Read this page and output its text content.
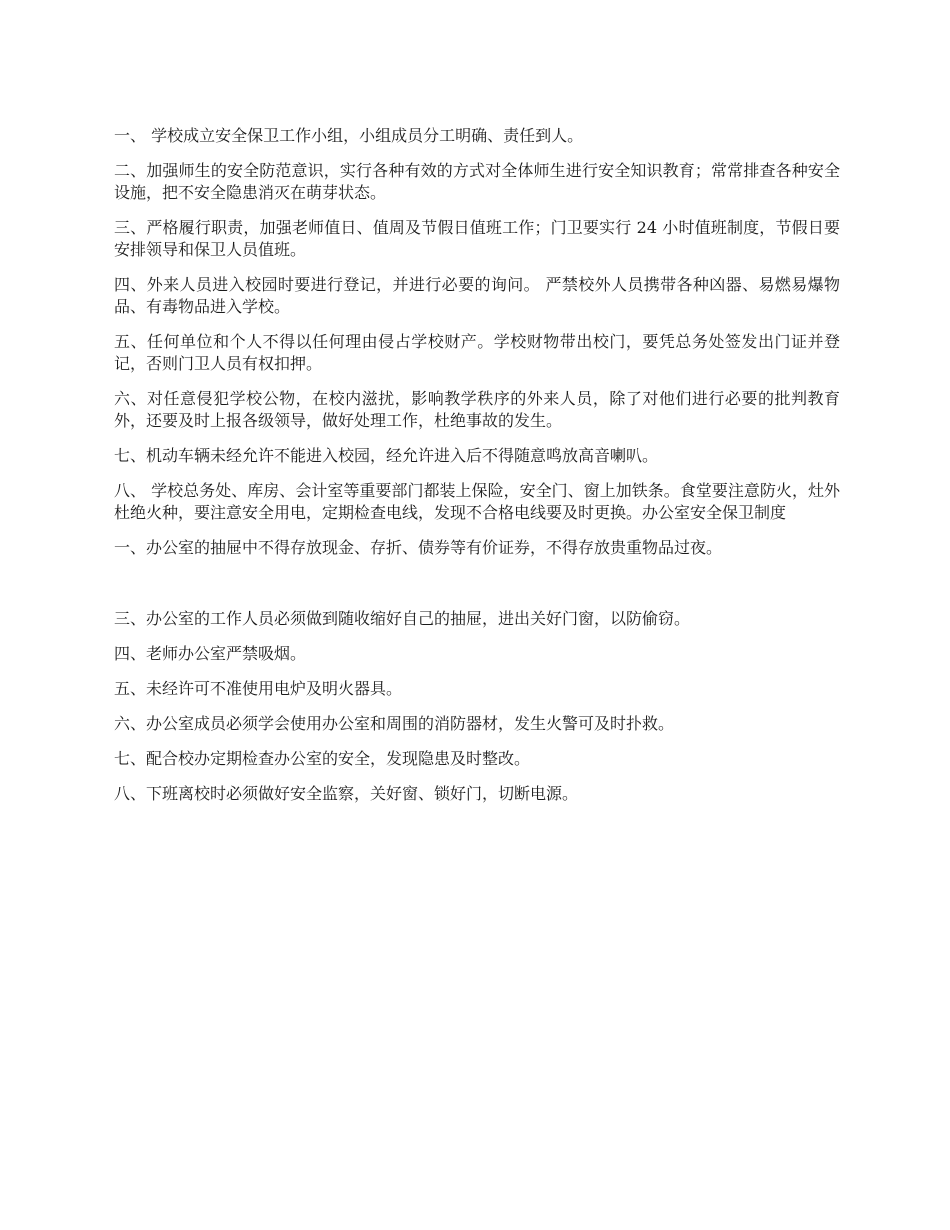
一、 学校成立安全保卫工作小组，小组成员分工明确、责任到人。

二、加强师生的安全防范意识，实行各种有效的方式对全体师生进行安全知识教育；常常排查各种安全设施，把不安全隐患消灭在萌芽状态。

三、严格履行职责，加强老师值日、值周及节假日值班工作；门卫要实行 24 小时值班制度，节假日要安排领导和保卫人员值班。

四、外来人员进入校园时要进行登记，并进行必要的询问。 严禁校外人员携带各种凶器、易燃易爆物品、有毒物品进入学校。

五、任何单位和个人不得以任何理由侵占学校财产。学校财物带出校门，要凭总务处签发出门证并登记，否则门卫人员有权扣押。

六、对任意侵犯学校公物，在校内滋扰，影响教学秩序的外来人员，除了对他们进行必要的批判教育外，还要及时上报各级领导，做好处理工作，杜绝事故的发生。

七、机动车辆未经允许不能进入校园，经允许进入后不得随意鸣放高音喇叭。

八、 学校总务处、库房、会计室等重要部门都装上保险，安全门、窗上加铁条。食堂要注意防火，灶外杜绝火种，要注意安全用电，定期检查电线，发现不合格电线要及时更换。办公室安全保卫制度

一、办公室的抽屉中不得存放现金、存折、债券等有价证券，不得存放贵重物品过夜。

三、办公室的工作人员必须做到随收缩好自己的抽屉，进出关好门窗，以防偷窃。

四、老师办公室严禁吸烟。

五、未经许可不准使用电炉及明火器具。

六、办公室成员必须学会使用办公室和周围的消防器材，发生火警可及时扑救。

七、配合校办定期检查办公室的安全，发现隐患及时整改。

八、下班离校时必须做好安全监察，关好窗、锁好门，切断电源。
